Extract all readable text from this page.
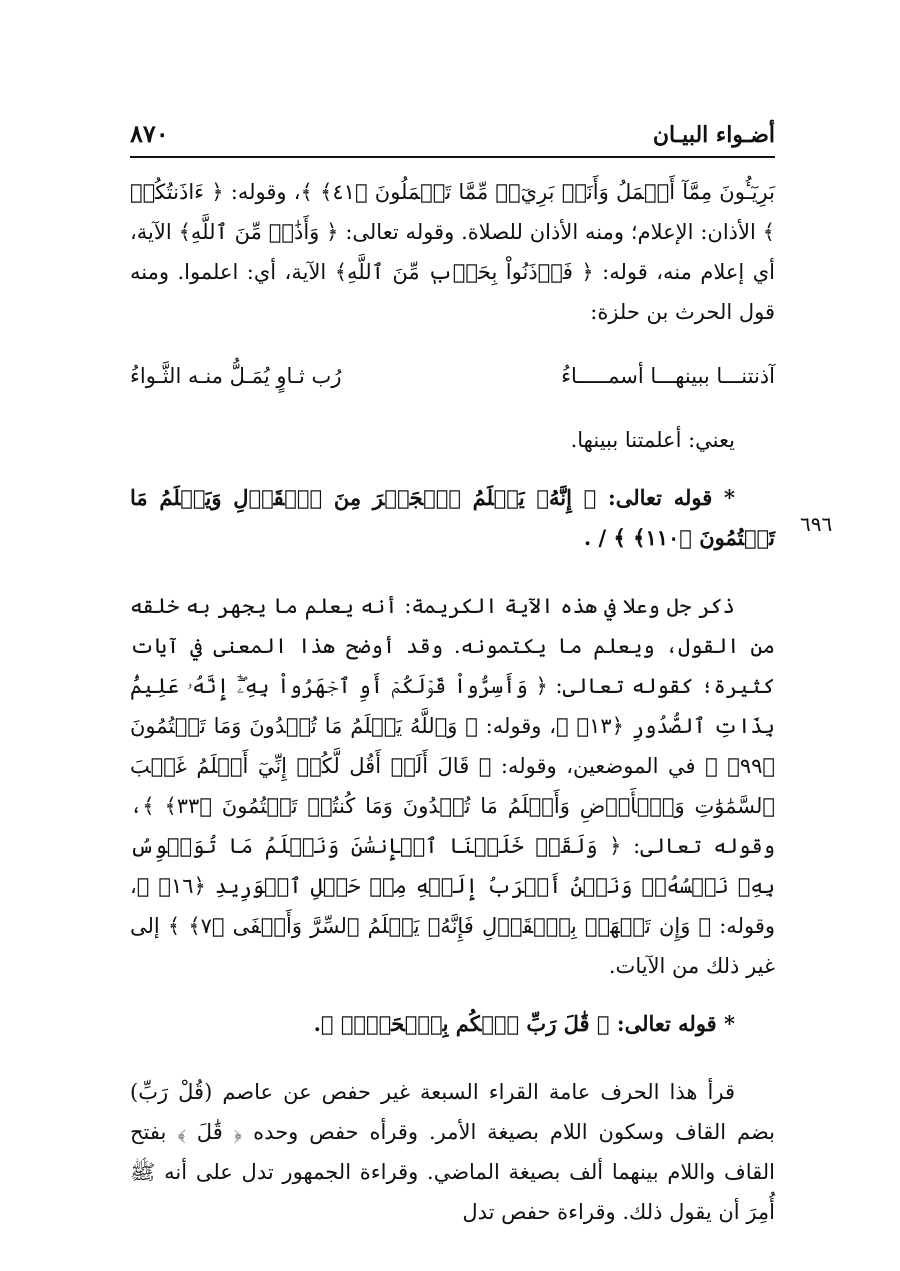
أضـواء البيـان
٨٧٠

بَرِيٓـُٔونَ مِمَّآ أَعۡمَلُ وَأَنَا۠ بَرِيٓءٞ مِّمَّا تَعۡمَلُونَ ﴿٤١﴾ ﴾، وقوله: ﴿ ءَاذَنتُكُمۡ ﴾ الأذان: الإعلام؛ ومنه الأذان للصلاة. وقوله تعالى: ﴿ وَأَذَٰنٞ مِّنَ ٱللَّهِ﴾ الآية، أي إعلام منه، قوله: ﴿ فَأۡذَنُواْ بِحَرۡبٖ مِّنَ ٱللَّهِ﴾ الآية، أي: اعلموا. ومنه قول الحرث بن حلزة:

آذنتنـــا ببينهـــا أسمـــــاءُ
رُب ثـاوٍ يُمَـلُّ منـه الثَّـواءُ

يعني: أعلمتنا ببينها.

* قوله تعالى: ﴿ إِنَّهُۥ يَعۡلَمُ ٱلۡجَهۡرَ مِنَ ٱلۡقَوۡلِ وَيَعۡلَمُ مَا تَكۡتُمُونَ ﴿١١٠﴾ ﴾ / .

ذكر جل وعلا في هذه الآية الكريمة: أنه يعلم ما يجهر به خلقه من القول، ويعلم ما يكتمونه. وقد أوضح هذا المعنى في آيات كثيرة؛ كقوله تعالى: ﴿ وَأَسِرُّواْ قَوۡلَكُمۡ أَوِ ٱجۡهَرُواْ بِهِۦٓۖ إِنَّهُۥ عَلِيمُۢ بِذَاتِ ٱلصُّدُورِ ﴿١٣﴾ ﴾، وقوله: ﴿ وَٱللَّهُ يَعۡلَمُ مَا تُبۡدُونَ وَمَا تَكۡتُمُونَ ﴿٩٩﴾ ﴾ في الموضعين، وقوله: ﴿ قَالَ أَلَمۡ أَقُل لَّكُمۡ إِنِّيٓ أَعۡلَمُ غَيۡبَ ٱلسَّمَٰوَٰتِ وَٱلۡأَرۡضِ وَأَعۡلَمُ مَا تُبۡدُونَ وَمَا كُنتُمۡ تَكۡتُمُونَ ﴿٣٣﴾ ﴾، وقوله تعالى: ﴿ وَلَقَدۡ خَلَقۡنَا ٱلۡإِنسَٰنَ وَنَعۡلَمُ مَا تُوَسۡوِسُ بِهِۦ نَفۡسُهُۥۖ وَنَحۡنُ أَقۡرَبُ إِلَيۡهِ مِنۡ حَبۡلِ ٱلۡوَرِيدِ ﴿١٦﴾ ﴾، وقوله: ﴿ وَإِن تَجۡهَرۡ بِٱلۡقَوۡلِ فَإِنَّهُۥ يَعۡلَمُ ٱلسِّرَّ وَأَخۡفَى ﴿٧﴾ ﴾ إلى غير ذلك من الآيات.

* قوله تعالى: ﴿ قَٰلَ رَبِّ ٱحۡكُم بِٱلۡحَقِّۗ ﴾.

قرأ هذا الحرف عامة القراء السبعة غير حفص عن عاصم (قُلْ رَبِّ) بضم القاف وسكون اللام بصيغة الأمر. وقرأه حفص وحده ﴿ قَٰلَ ﴾ بفتح القاف واللام بينهما ألف بصيغة الماضي. وقراءة الجمهور تدل على أنه ﷺ أُمِرَ أن يقول ذلك. وقراءة حفص تدل

٦٩٦
